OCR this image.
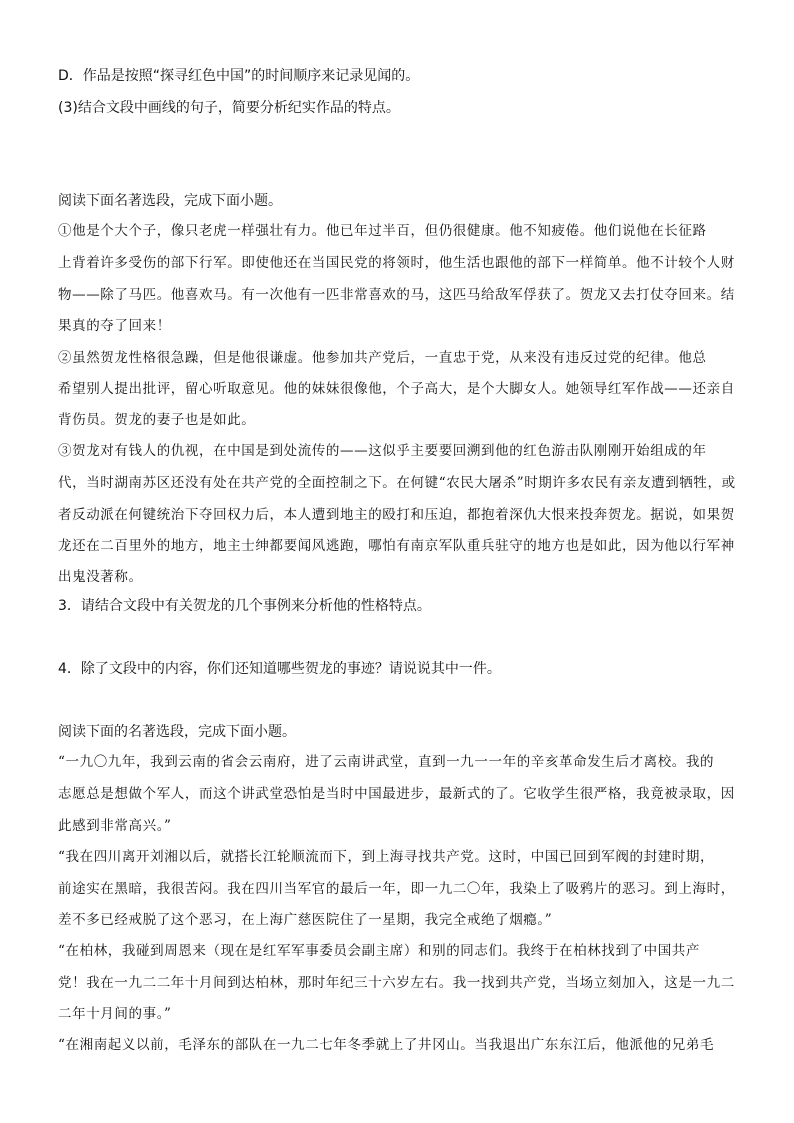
D．作品是按照“探寻红色中国”的时间顺序来记录见闻的。
(3)结合文段中画线的句子，简要分析纪实作品的特点。
阅读下面名著选段，完成下面小题。
①他是个大个子，像只老虎一样强壮有力。他已年过半百，但仍很健康。他不知疲倦。他们说他在长征路
上背着许多受伤的部下行军。即使他还在当国民党的将领时，他生活也跟他的部下一样简单。他不计较个人财
物——除了马匹。他喜欢马。有一次他有一匹非常喜欢的马，这匹马给敌军俘获了。贺龙又去打仗夺回来。结
果真的夺了回来！
②虽然贺龙性格很急躁，但是他很谦虚。他参加共产党后，一直忠于党，从来没有违反过党的纪律。他总
希望别人提出批评，留心听取意见。他的妹妹很像他，个子高大，是个大脚女人。她领导红军作战——还亲自
背伤员。贺龙的妻子也是如此。
③贺龙对有钱人的仇视，在中国是到处流传的——这似乎主要要回溯到他的红色游击队刚刚开始组成的年
代，当时湖南苏区还没有处在共产党的全面控制之下。在何键“农民大屠杀”时期许多农民有亲友遭到牺牲，或
者反动派在何键统治下夺回权力后，本人遭到地主的殴打和压迫，都抱着深仇大恨来投奔贺龙。据说，如果贺
龙还在二百里外的地方，地主士绅都要闻风逃跑，哪怕有南京军队重兵驻守的地方也是如此，因为他以行军神
出鬼没著称。
3．请结合文段中有关贺龙的几个事例来分析他的性格特点。
4．除了文段中的内容，你们还知道哪些贺龙的事迹？请说说其中一件。
阅读下面的名著选段，完成下面小题。
“一九〇九年，我到云南的省会云南府，进了云南讲武堂，直到一九一一年的辛亥革命发生后才离校。我的
志愿总是想做个军人，而这个讲武堂恐怕是当时中国最进步，最新式的了。它收学生很严格，我竟被录取，因
此感到非常高兴。”
“我在四川离开刘湘以后，就搭长江轮顺流而下，到上海寻找共产党。这时，中国已回到军阀的封建时期，
前途实在黑暗，我很苦闷。我在四川当军官的最后一年，即一九二〇年，我染上了吸鸦片的恶习。到上海时，
差不多已经戒脱了这个恶习，在上海广慈医院住了一星期，我完全戒绝了烟瘾。”
“在柏林，我碰到周恩来（现在是红军军事委员会副主席）和别的同志们。我终于在柏林找到了中国共产
党！我在一九二二年十月间到达柏林，那时年纪三十六岁左右。我一找到共产党，当场立刻加入，这是一九二
二年十月间的事。”
“在湘南起义以前，毛泽东的部队在一九二七年冬季就上了井冈山。当我退出广东东江后，他派他的兄弟毛
